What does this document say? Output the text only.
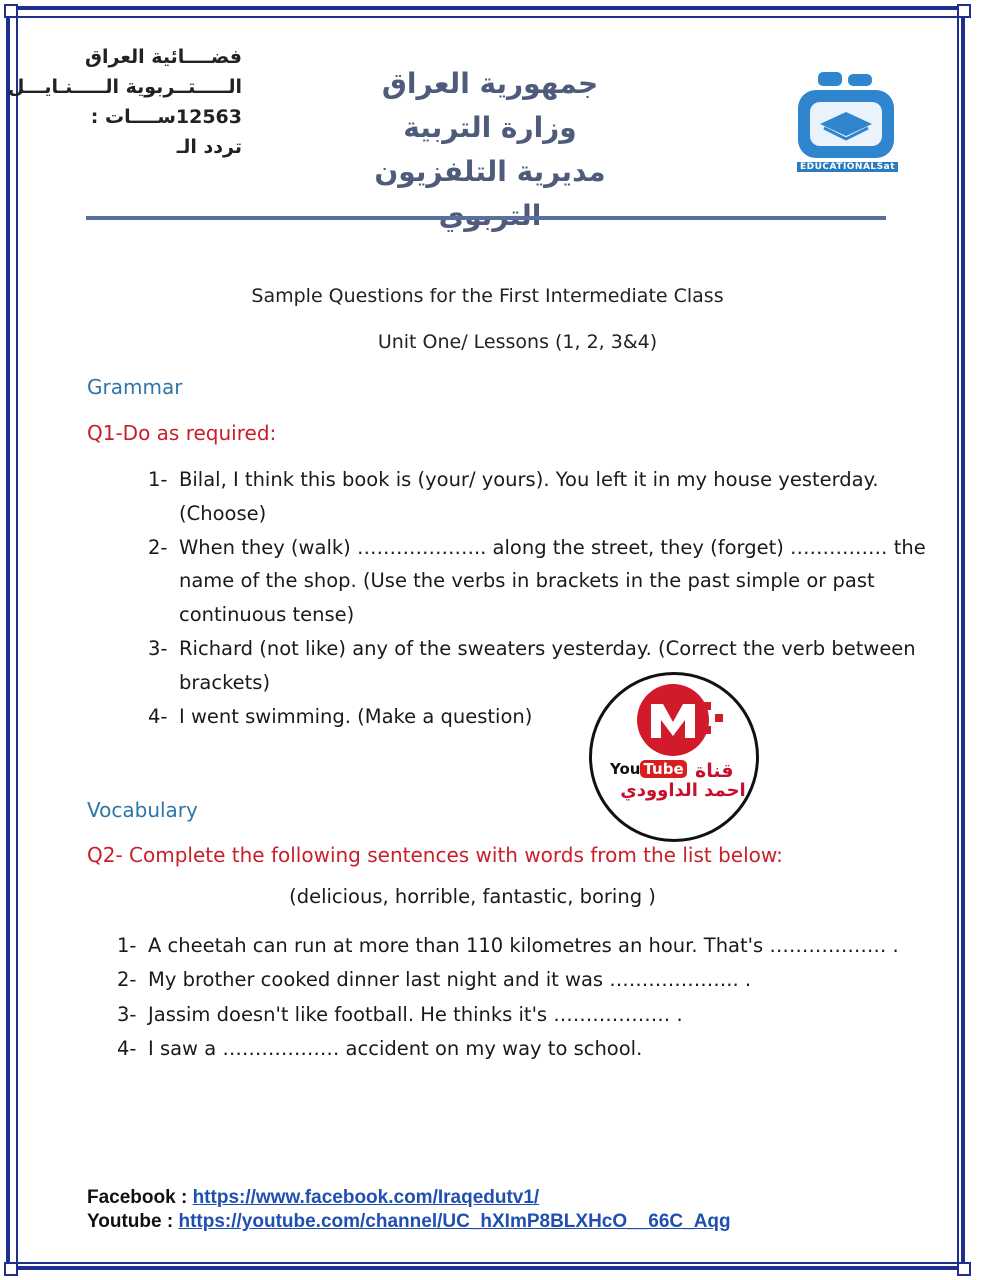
فضــــائية العراق
الـــــتــربوية الـــــنـايـــل
12563ســــات :
تردد الـ
جمهورية العراق
وزارة التربية
مديرية التلفزيون	EDUCATIONALSat
Sample Questions for the First Intermediate Class
Unit One/ Lessons (1, 2, 3&4)
Grammar
Q1-Do as required:
1- Bilal, I think this book is (your/ yours). You left it in my house yesterday.(Choose)
2- When they (walk) ……………….. along the street, they (forget) …………… the name of the shop. (Use the verbs in brackets in the past simple or past continuous tense)
3- Richard (not like) any of the sweaters yesterday. (Correct the verb between brackets)
4- I went swimming. (Make a question)
You Tube قناة
احمد الداوودي
Vocabulary
Q2- Complete the following sentences with words from the list below:
(delicious, horrible, fantastic, boring )
1- A cheetah can run at more than 110 kilometres an hour. That's ……………… .
2- My brother cooked dinner last night and it was ……………….. .
3- Jassim doesn't like football. He thinks it's ……………… .
4- I saw a ……………… accident on my way to school.
Facebook : https://www.facebook.com/Iraqedutv1/
Youtube : https://youtube.com/channel/UC_hXImP8BLXHcO__66C_Aqg
